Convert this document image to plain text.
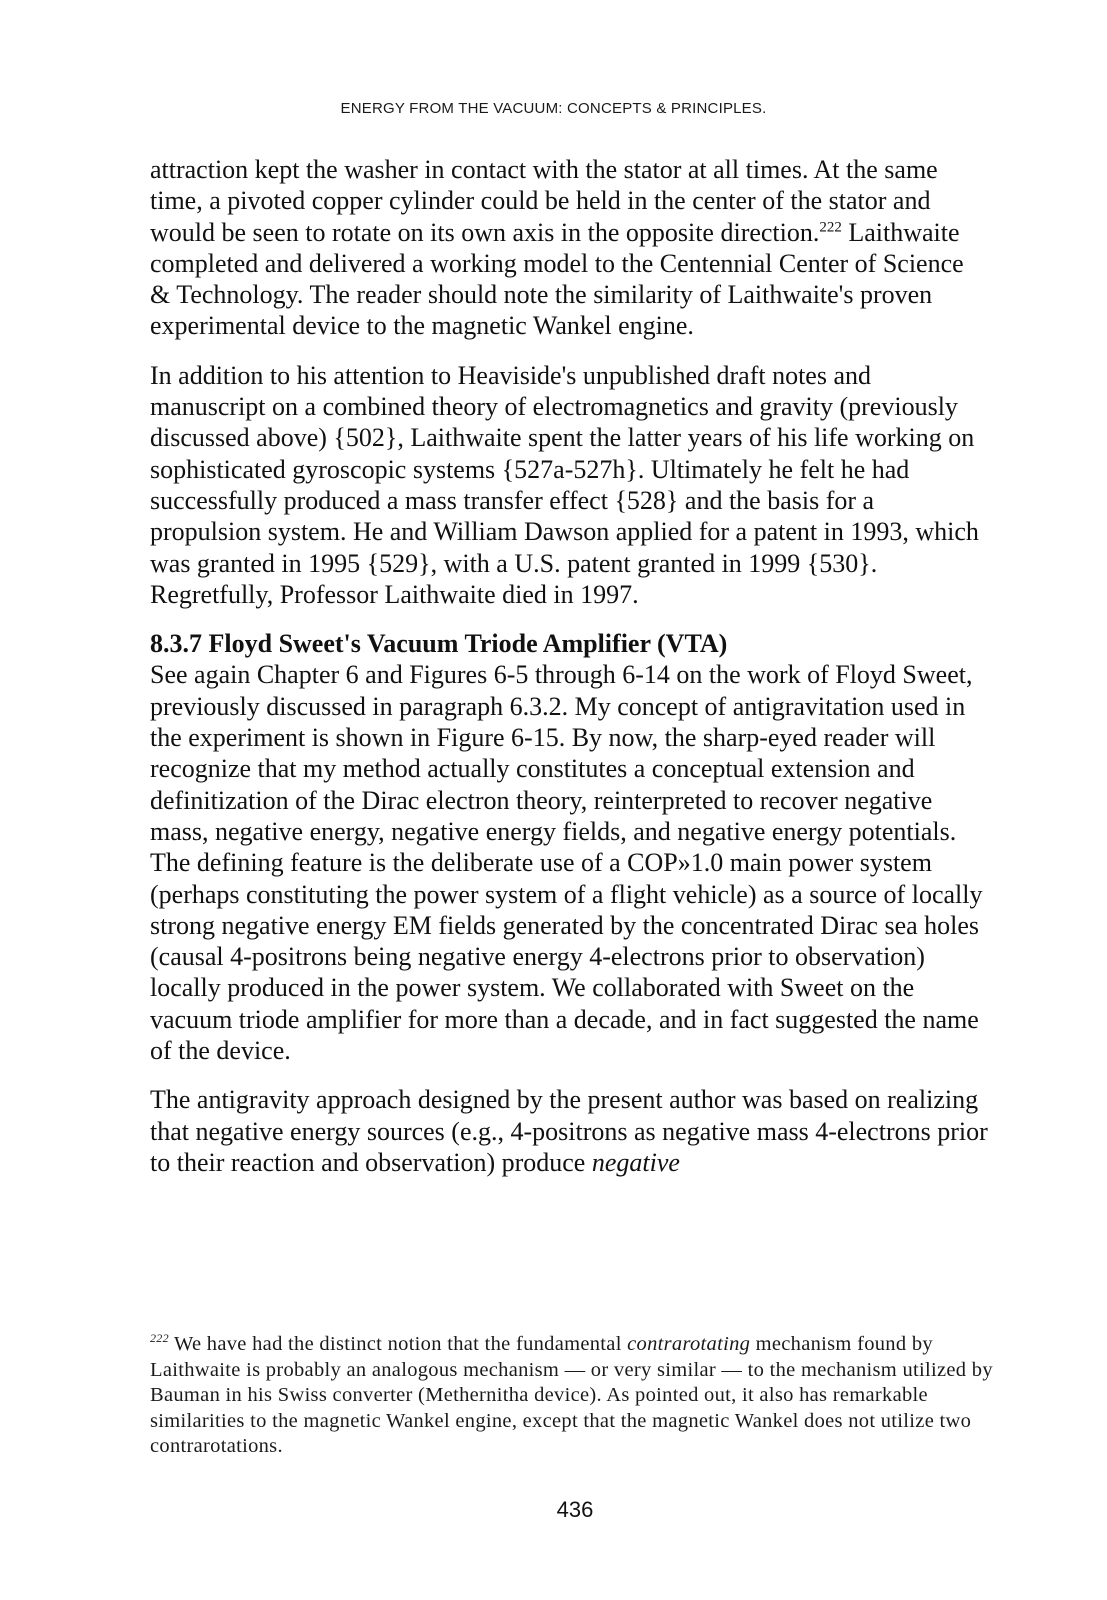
ENERGY FROM THE VACUUM: CONCEPTS & PRINCIPLES.

attraction kept the washer in contact with the stator at all times. At the same time, a pivoted copper cylinder could be held in the center of the stator and would be seen to rotate on its own axis in the opposite direction.$^{222}$ Laithwaite completed and delivered a working model to the Centennial Center of Science & Technology. The reader should note the similarity of Laithwaite's proven experimental device to the magnetic Wankel engine.

In addition to his attention to Heaviside's unpublished draft notes and manuscript on a combined theory of electromagnetics and gravity (previously discussed above) {502}, Laithwaite spent the latter years of his life working on sophisticated gyroscopic systems {527a-527h}. Ultimately he felt he had successfully produced a mass transfer effect {528} and the basis for a propulsion system. He and William Dawson applied for a patent in 1993, which was granted in 1995 {529}, with a U.S. patent granted in 1999 {530}. Regretfully, Professor Laithwaite died in 1997.

8.3.7 Floyd Sweet's Vacuum Triode Amplifier (VTA)

See again Chapter 6 and Figures 6-5 through 6-14 on the work of Floyd Sweet, previously discussed in paragraph 6.3.2. My concept of antigravitation used in the experiment is shown in Figure 6-15. By now, the sharp-eyed reader will recognize that my method actually constitutes a conceptual extension and definitization of the Dirac electron theory, reinterpreted to recover negative mass, negative energy, negative energy fields, and negative energy potentials. The defining feature is the deliberate use of a COP»1.0 main power system (perhaps constituting the power system of a flight vehicle) as a source of locally strong negative energy EM fields generated by the concentrated Dirac sea holes (causal 4-positrons being negative energy 4-electrons prior to observation) locally produced in the power system. We collaborated with Sweet on the vacuum triode amplifier for more than a decade, and in fact suggested the name of the device.

The antigravity approach designed by the present author was based on realizing that negative energy sources (e.g., 4-positrons as negative mass 4-electrons prior to their reaction and observation) produce negative

$^{222}$ We have had the distinct notion that the fundamental contrarotating mechanism found by Laithwaite is probably an analogous mechanism — or very similar — to the mechanism utilized by Bauman in his Swiss converter (Methernitha device). As pointed out, it also has remarkable similarities to the magnetic Wankel engine, except that the magnetic Wankel does not utilize two contrarotations.
436
